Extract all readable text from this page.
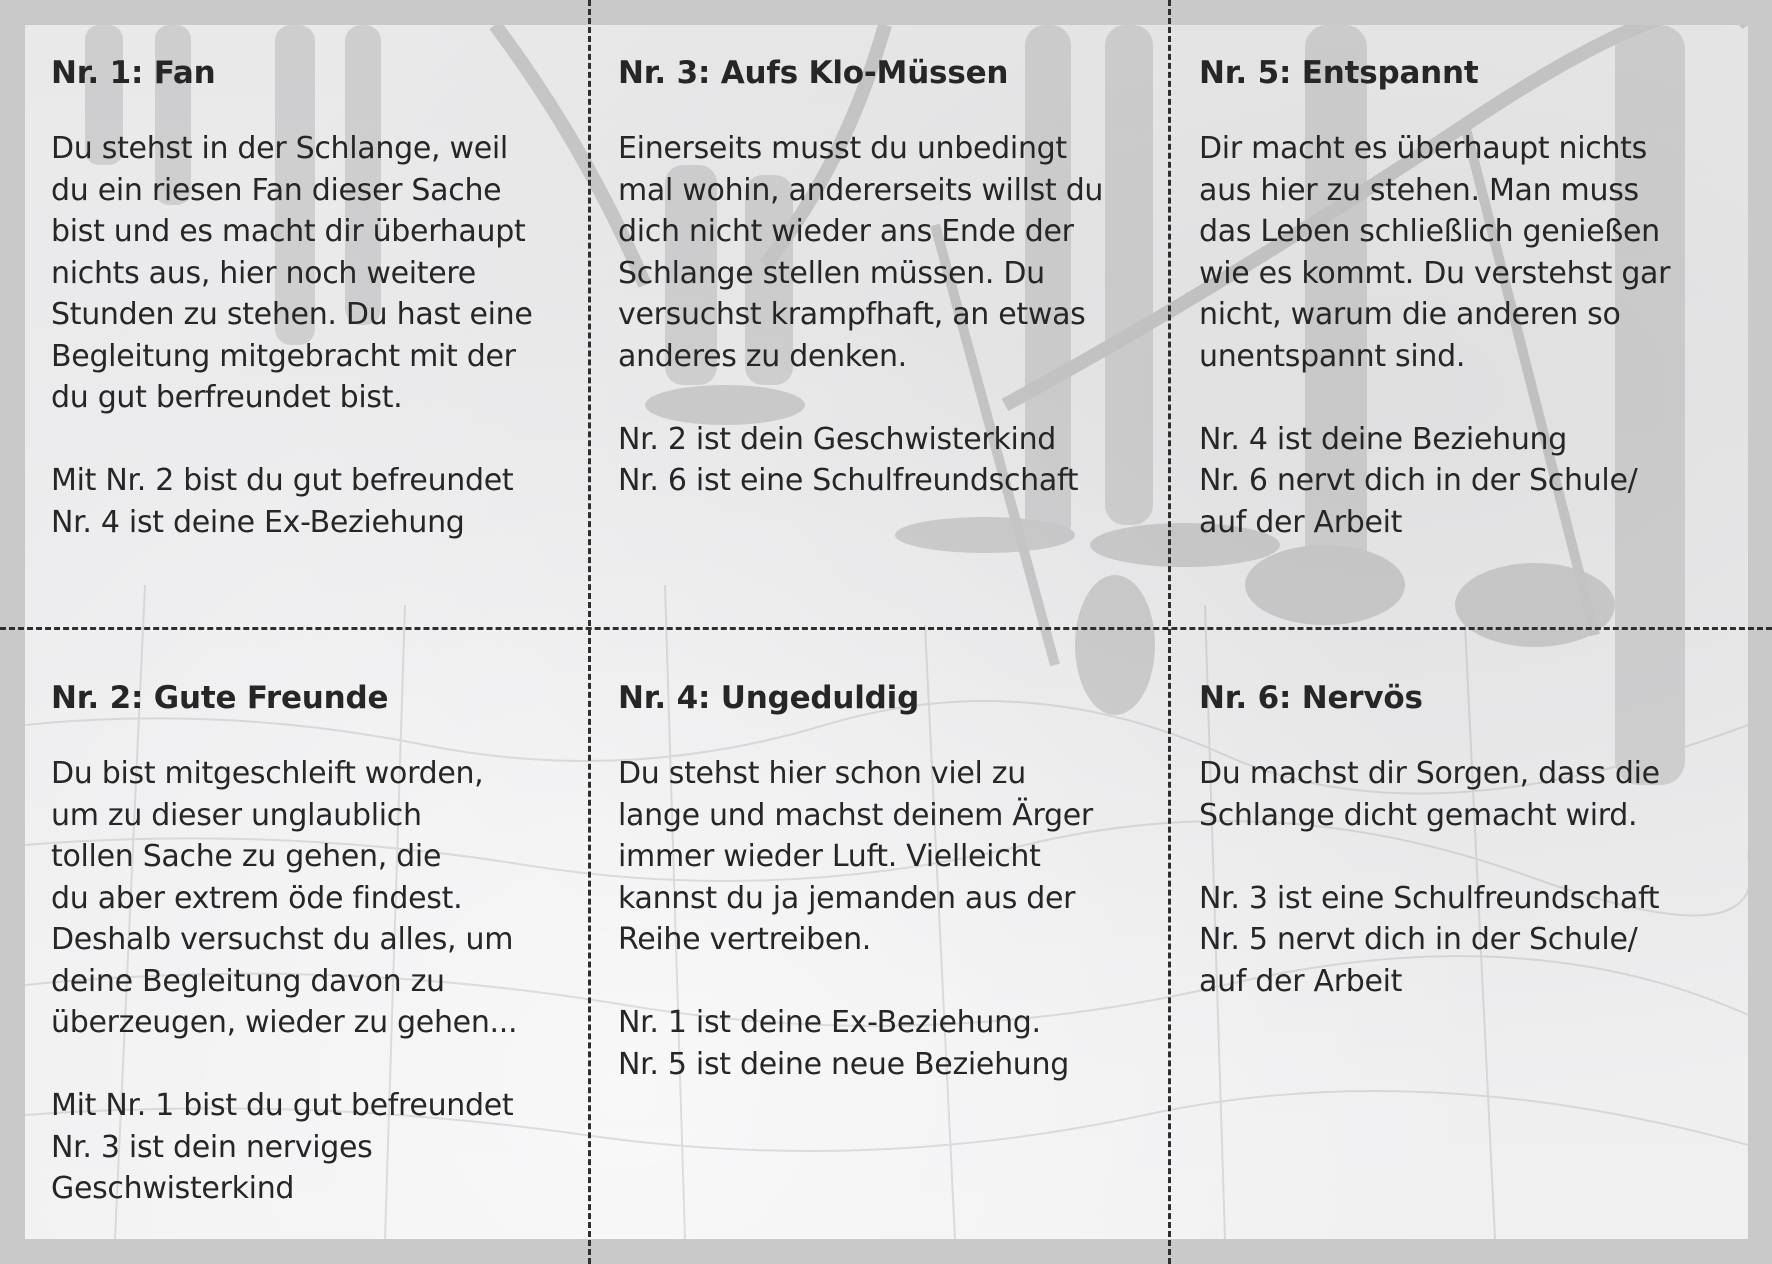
Nr. 1: Fan

Du stehst in der Schlange, weil
du ein riesen Fan dieser Sache
bist und es macht dir überhaupt
nichts aus, hier noch weitere
Stunden zu stehen. Du hast eine
Begleitung mitgebracht mit der
du gut berfreundet bist.

Mit Nr. 2 bist du gut befreundet
Nr. 4 ist deine Ex-Beziehung

Nr. 3: Aufs Klo-Müssen

Einerseits musst du unbedingt
mal wohin, andererseits willst du
dich nicht wieder ans Ende der
Schlange stellen müssen. Du
versuchst krampfhaft, an etwas
anderes zu denken.

Nr. 2 ist dein Geschwisterkind
Nr. 6 ist eine Schulfreundschaft

Nr. 5: Entspannt

Dir macht es überhaupt nichts
aus hier zu stehen. Man muss
das Leben schließlich genießen
wie es kommt. Du verstehst gar
nicht, warum die anderen so
unentspannt sind.

Nr. 4 ist deine Beziehung
Nr. 6 nervt dich in der Schule/
auf der Arbeit

Nr. 2: Gute Freunde

Du bist mitgeschleift worden,
um zu dieser unglaublich
tollen Sache zu gehen, die
du aber extrem öde findest.
Deshalb versuchst du alles, um
deine Begleitung davon zu
überzeugen, wieder zu gehen...

Mit Nr. 1 bist du gut befreundet
Nr. 3 ist dein nerviges
Geschwisterkind

Nr. 4: Ungeduldig

Du stehst hier schon viel zu
lange und machst deinem Ärger
immer wieder Luft. Vielleicht
kannst du ja jemanden aus der
Reihe vertreiben.

Nr. 1 ist deine Ex-Beziehung.
Nr. 5 ist deine neue Beziehung

Nr. 6: Nervös

Du machst dir Sorgen, dass die
Schlange dicht gemacht wird.

Nr. 3 ist eine Schulfreundschaft
Nr. 5 nervt dich in der Schule/
auf der Arbeit
